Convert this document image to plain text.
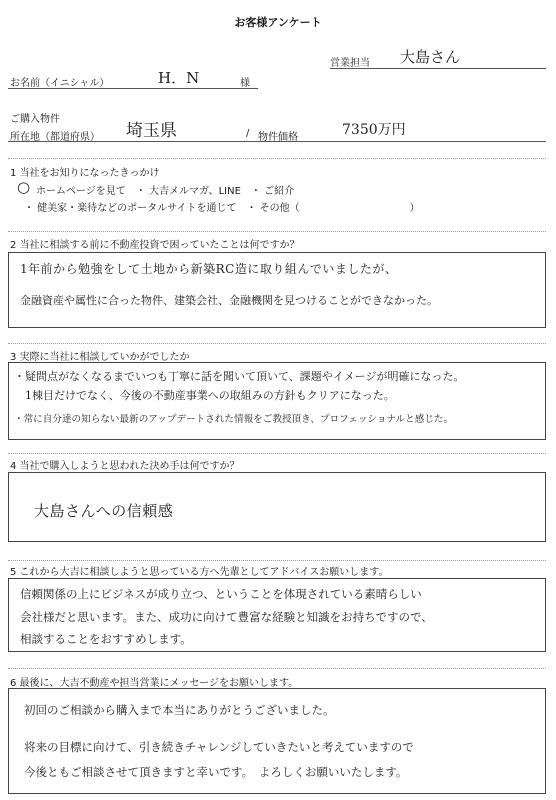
お客様アンケート
営業担当 大島さん
お名前（イニシャル）	H．N	様
ご購入物件
所在地（都道府県） 埼玉県	/ 物件価格	7350万円
1 当社をお知りになったきっかけ
○ ホームページを見て　・ 大吉メルマガ、LINE　・ ご紹介
・ 健美家・楽待などのポータルサイトを通じて　・ その他（　　　　　　　　　　　）
2 当社に相談する前に不動産投資で困っていたことは何ですか？
1年前から勉強をして土地から新築RC造に取り組んでいましたが、
金融資産や属性に合った物件、建築会社、金融機関を見つけることができなかった。
3 実際に当社に相談していかがでしたか
・疑問点がなくなるまでいつも丁寧に話を聞いて頂いて、課題やイメージが明確になった。
　1棟目だけでなく、今後の不動産事業への取組みの方針もクリアになった。
・常に自分達の知らない最新のアップデートされた情報をご教授頂き、プロフェッショナルと感じた。
4 当社で購入しようと思われた決め手は何ですか？
大島さんへの信頼感
5 これから大吉に相談しようと思っている方へ先輩としてアドバイスお願いします。
信頼関係の上にビジネスが成り立つ、ということを体現されている素晴らしい
会社様だと思います。また、成功に向けて豊富な経験と知識をお持ちですので、
相談することをおすすめします。
6 最後に、大吉不動産や担当営業にメッセージをお願いします。
初回のご相談から購入まで本当にありがとうございました。
将来の目標に向けて、引き続きチャレンジしていきたいと考えていますので
今後ともご相談させて頂きますと幸いです。　よろしくお願いいたします。
